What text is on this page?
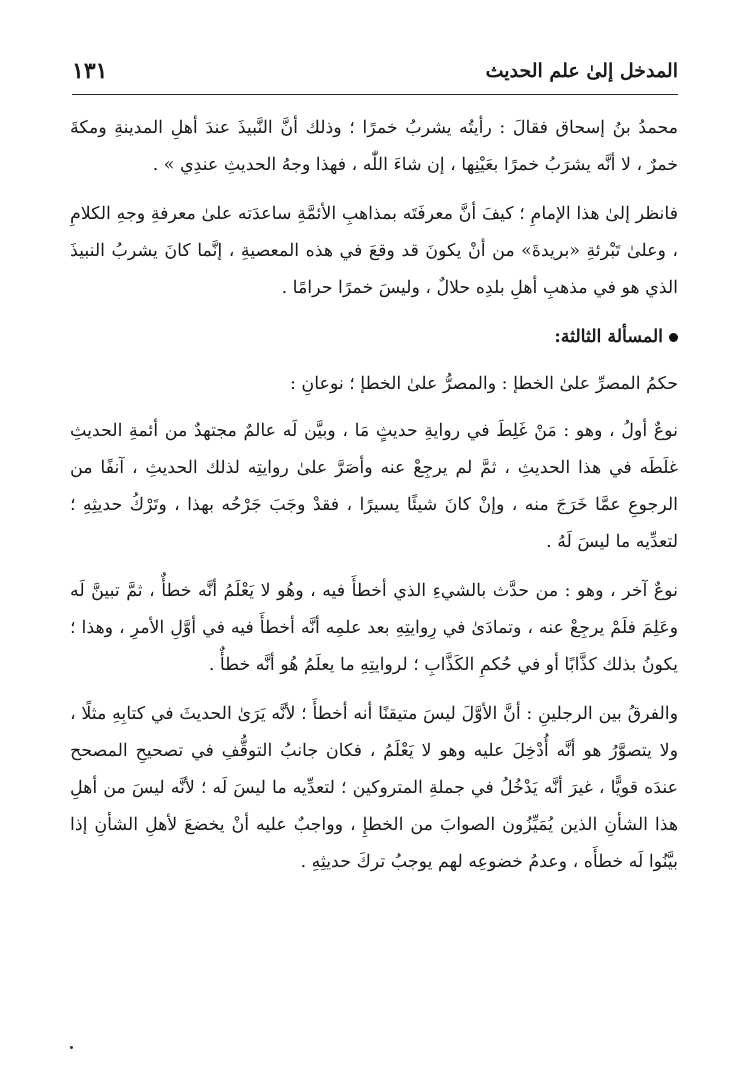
المدخل إلىٰ علم الحديث
١٣١

محمدُ بنُ إسحاق فقالَ : رأيتُه يشربُ خمرًا ؛ وذلك أنَّ النَّبيذَ عندَ أهلِ المدينةِ ومكةَ خمرٌ ، لا أنَّه يشرَبُ خمرًا بعَيْنِها ، إن شاءَ اللّٰه ، فهذا وجهُ الحديثِ عندِي » .

فانظر إلىٰ هذا الإمامِ ؛ كيفَ أنَّ معرفَتَه بمذاهبِ الأئمَّةِ ساعدَته علىٰ معرفةِ وجهِ الكلامِ ، وعلىٰ تَبْرئةِ «بريدةَ» من أنْ يكونَ قد وقعَ في هذه المعصيةِ ، إنَّما كانَ يشربُ النبيذَ الذي هو في مذهبِ أهلِ بلدِه حلالٌ ، وليسَ خمرًا حرامًا .

المسألة الثالثة:

حكمُ المصرِّ علىٰ الخطإ : والمصرُّ علىٰ الخطإ ؛ نوعانِ :

نوعٌ أولُ ، وهو : مَنْ غَلِطَ في روايةِ حديثٍ مَا ، وبيَّن لَه عالمٌ مجتهدٌ من أئمةِ الحديثِ غلَطَه في هذا الحديثِ ، ثمَّ لم يرجِعْ عنه وأصَرَّ علىٰ روايتِه لذلك الحديثِ ، آنفًا من الرجوعِ عمَّا خَرَجَ منه ، وإنْ كانَ شيئًا يسيرًا ، فقدْ وجَبَ جَرْحُه بهذا ، وتَرْكُ حديثِهِ ؛ لتعدِّيه ما ليسَ لَهُ .

نوعٌ آخر ، وهو : من حدَّث بالشيءِ الذي أخطأَ فيه ، وهُو لا يَعْلَمُ أنَّه خطأٌ ، ثمَّ تبينَّ لَه وعَلِمَ فلَمْ يرجِعْ عنه ، وتمادَىٰ في رِوايتِهِ بعد علمِه أنَّه أخطأَ فيه في أوَّلِ الأمرِ ، وهذا ؛ يكونُ بذلك كذَّابًا أو في حُكمِ الكَذَّابِ ؛ لروايتِهِ ما يعلَمُ هُو أنَّه خطأٌ .

والفرقُ بين الرجلينِ : أنَّ الأوَّلَ ليسَ متيقنًا أنه أخطأَ ؛ لأنَّه يَرَىٰ الحديثَ في كتابِهِ مثلًا ، ولا يتصوَّرُ هو أنَّه أُدْخِلَ عليه وهو لا يَعْلَمُ ، فكان جانبُ التوقُّفِ في تصحيحِ المصحح عندَه قويًّا ، غيرَ أنَّه يَدْخُلُ في جملةِ المتروكين ؛ لتعدِّيه ما ليسَ لَه ؛ لأنَّه ليسَ من أهلِ هذا الشأنِ الذين يُمَيِّزُون الصوابَ من الخطإِ ، وواجبٌ عليه أنْ يخضعَ لأهلِ الشأنِ إذا بيَّنُوا لَه خطأَه ، وعدمُ خضوعِه لهم يوجبُ تركَ حديثِهِ .
